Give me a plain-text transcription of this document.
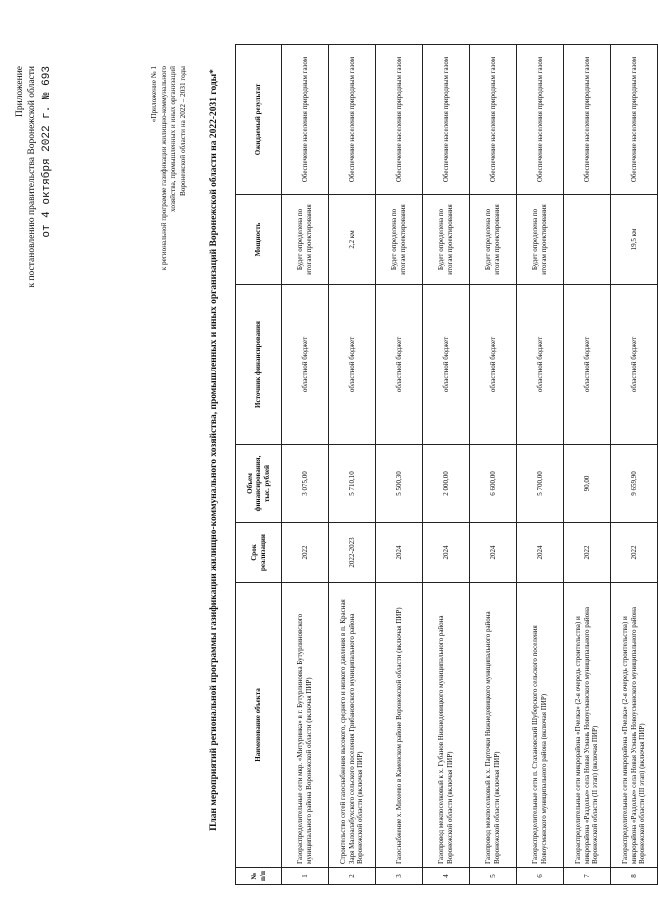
Приложение к постановлению правительства Воронежской области от 4 октября 2022 г. № 693	«Приложение № 1 к региональной программе газификации жилищно-коммунального хозяйства, промышленных и иных организаций Воронежской области на 2022 – 2031 годы План мероприятий региональной программы газификации жилищно-коммунального хозяйства, промышленных и иных организаций Воронежской области на 2022-2031 годы*
№ п/п	Наименование объекта	Срок реализации	Объем финансирования, тыс. рублей	Источник финансирования	Мощность	Ожидаемый результат
1	Газораспределительные сети мкр. «Митуринка» в г. Бутурлиновка Бутурлиновского муниципального района Воронежской области (включая ПИР)	2022	3 075,00	областной бюджет	Будет определена по итогам проектирования	Обеспечение населения природным газом
2	Строительство сетей газоснабжения высокого, среднего и низкого давления в п. Красная Заря Малоалабухского сельского поселения Грибановского муниципального района Воронежской области (включая ПИР)	2022-2023	5 710,10	областной бюджет	2,2 км	Обеспечение населения природным газом
3	Газоснабжение х. Михеево в Каменском районе Воронежской области (включая ПИР)	2024	5 500,30	областной бюджет	Будет определена по итогам проектирования	Обеспечение населения природным газом
4	Газопровод межпоселковый к х. Губанов Нижнедевицкого муниципального района Воронежской области (включая ПИР)	2024	2 000,00	областной бюджет	Будет определена по итогам проектирования	Обеспечение населения природным газом
5	Газопровод межпоселковый к х. Парточки Нижнедевицкого муниципального района Воронежской области (включая ПИР)	2024	6 600,00	областной бюджет	Будет определена по итогам проектирования	Обеспечение населения природным газом
6	Газораспределительные сети п. Стахановский Шуберского сельского поселения Новоусманского муниципального района (включая ПИР)	2024	5 700,00	областной бюджет	Будет определена по итогам проектирования	Обеспечение населения природным газом
7	Газораспределительные сети микрорайона «Пчелка» (2-я очередь строительства) и микрорайона «Раздолье» села Новая Усмань Новоусманского муниципального района Воронежской области (II этап) (включая ПИР)	2022	90,00	областной бюджет		Обеспечение населения природным газом
8	Газораспределительные сети микрорайона «Пчелка» (2-я очередь строительства) и микрорайона «Раздолье» села Новая Усмань Новоусманского муниципального района Воронежской области (III этап) (включая ПИР)	2022	9 659,90	областной бюджет	19,5 км	Обеспечение населения природным газом
